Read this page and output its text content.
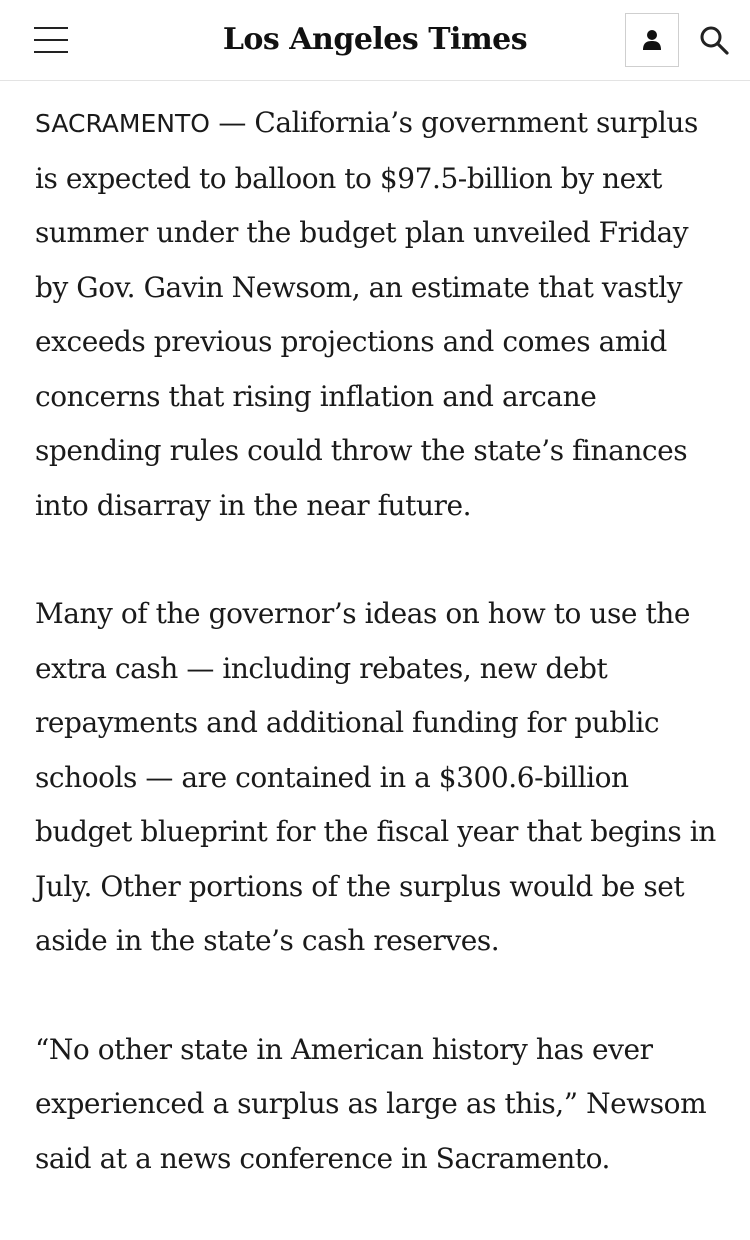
Los Angeles Times

SACRAMENTO — California’s government surplus is expected to balloon to $97.5-billion by next summer under the budget plan unveiled Friday by Gov. Gavin Newsom, an estimate that vastly exceeds previous projections and comes amid concerns that rising inflation and arcane spending rules could throw the state’s finances into disarray in the near future.

Many of the governor’s ideas on how to use the extra cash — including rebates, new debt repayments and additional funding for public schools — are contained in a $300.6-billion budget blueprint for the fiscal year that begins in July. Other portions of the surplus would be set aside in the state’s cash reserves.

“No other state in American history has ever experienced a surplus as large as this,” Newsom said at a news conference in Sacramento.
